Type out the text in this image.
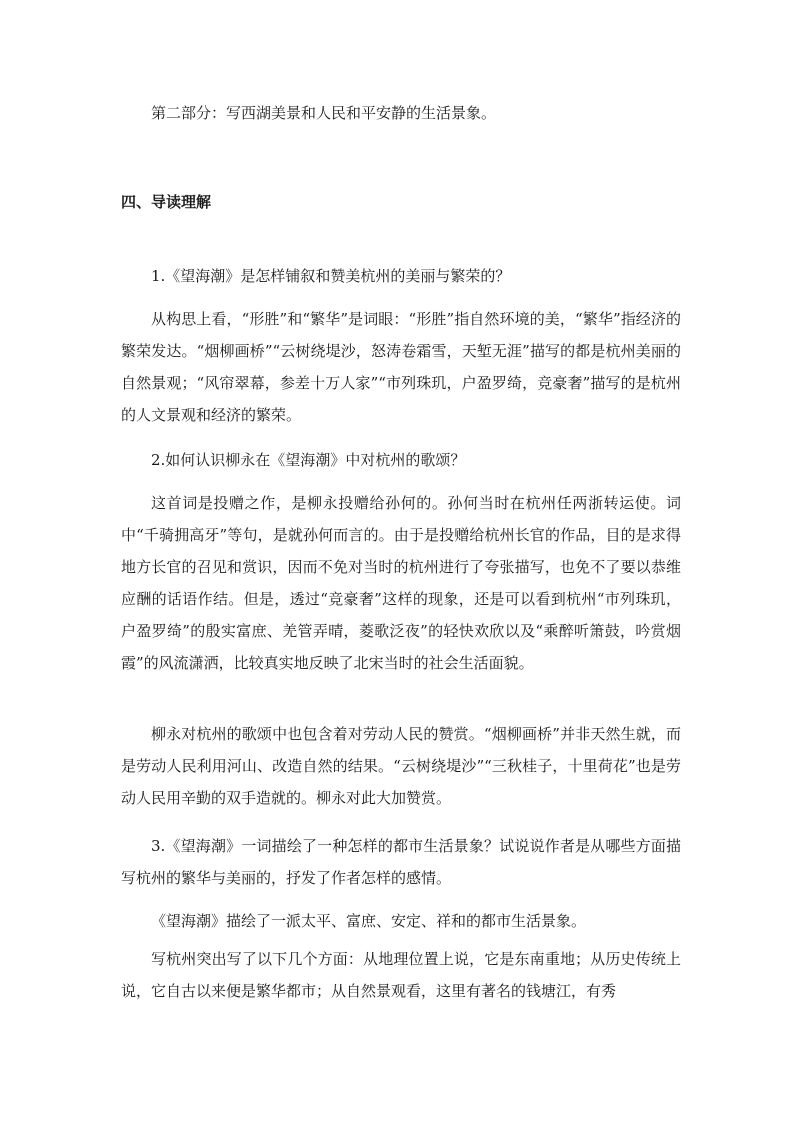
第二部分：写西湖美景和人民和平安静的生活景象。
四、导读理解
1.《望海潮》是怎样铺叙和赞美杭州的美丽与繁荣的？

从构思上看，“形胜”和“繁华”是词眼：“形胜”指自然环境的美，“繁华”指经济的繁荣发达。“烟柳画桥”“云树绕堤沙，怒涛卷霜雪，天堑无涯”描写的都是杭州美丽的自然景观；“风帘翠幕，参差十万人家”“市列珠玑，户盈罗绮，竞豪奢”描写的是杭州的人文景观和经济的繁荣。

2.如何认识柳永在《望海潮》中对杭州的歌颂？

这首词是投赠之作，是柳永投赠给孙何的。孙何当时在杭州任两浙转运使。词中“千骑拥高牙”等句，是就孙何而言的。由于是投赠给杭州长官的作品，目的是求得地方长官的召见和赏识，因而不免对当时的杭州进行了夸张描写，也免不了要以恭维应酬的话语作结。但是，透过“竞豪奢”这样的现象，还是可以看到杭州“市列珠玑，户盈罗绮”的殷实富庶、羌管弄晴，菱歌泛夜”的轻快欢欣以及“乘醉听箫鼓，吟赏烟霞”的风流潇洒，比较真实地反映了北宋当时的社会生活面貌。

柳永对杭州的歌颂中也包含着对劳动人民的赞赏。“烟柳画桥”并非天然生就，而是劳动人民利用河山、改造自然的结果。“云树绕堤沙”“三秋桂子，十里荷花”也是劳动人民用辛勤的双手造就的。柳永对此大加赞赏。

3.《望海潮》一词描绘了一种怎样的都市生活景象？试说说作者是从哪些方面描写杭州的繁华与美丽的，抒发了作者怎样的感情。

《望海潮》描绘了一派太平、富庶、安定、祥和的都市生活景象。

写杭州突出写了以下几个方面：从地理位置上说，它是东南重地；从历史传统上说，它自古以来便是繁华都市；从自然景观看，这里有著名的钱塘江，有秀
